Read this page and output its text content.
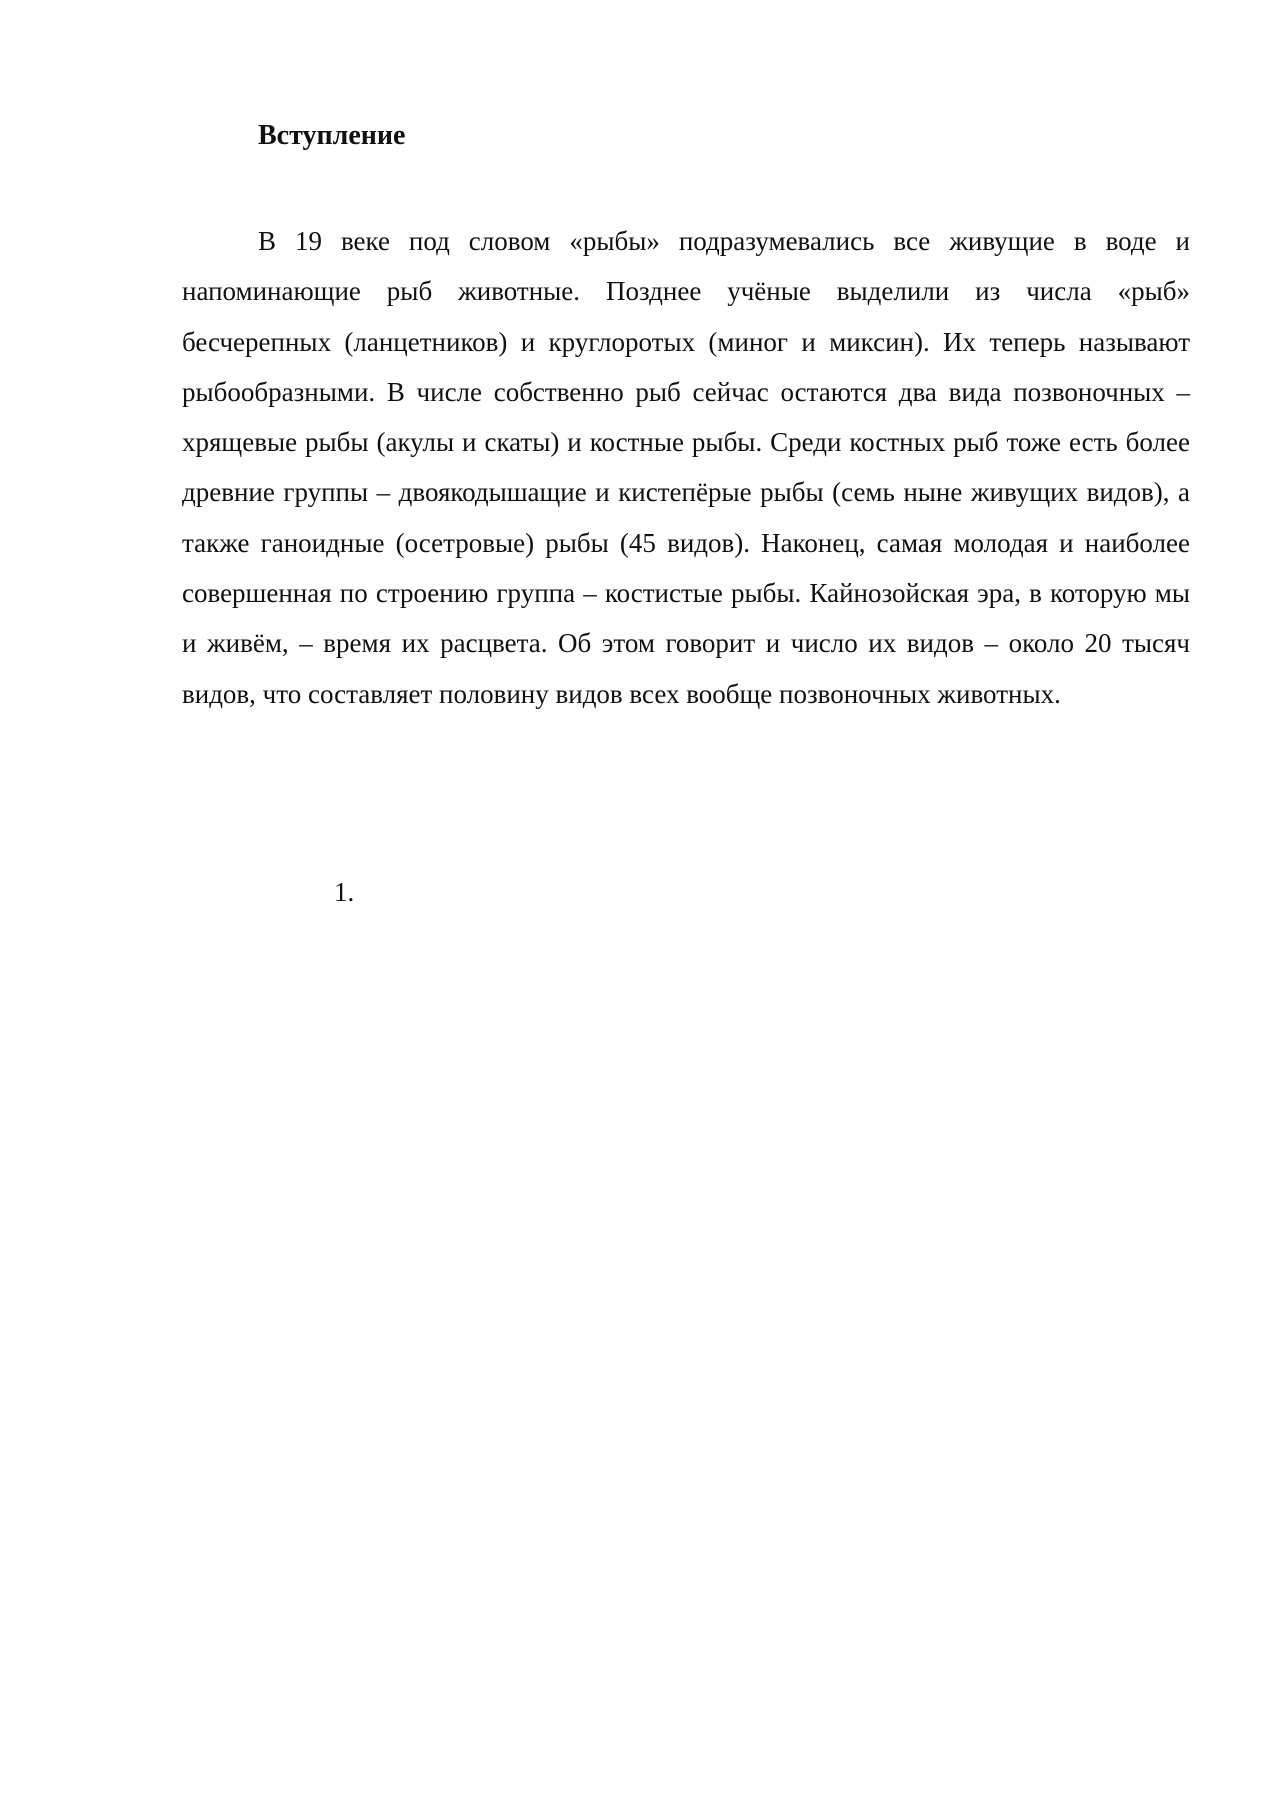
Вступление

В 19 веке под словом «рыбы» подразумевались все живущие в воде и напоминающие рыб животные. Позднее учёные выделили из числа «рыб» бесчерепных (ланцетников) и круглоротых (миног и миксин). Их теперь называют рыбообразными. В числе собственно рыб сейчас остаются два вида позвоночных – хрящевые рыбы (акулы и скаты) и костные рыбы. Среди костных рыб тоже есть более древние группы – двоякодышащие и кистепёрые рыбы (семь ныне живущих видов), а также ганоидные (осетровые) рыбы (45 видов). Наконец, самая молодая и наиболее совершенная по строению группа – костистые рыбы. Кайнозойская эра, в которую мы и живём, – время их расцвета. Об этом говорит и число их видов – около 20 тысяч видов, что составляет половину видов всех вообще позвоночных животных.

1.
